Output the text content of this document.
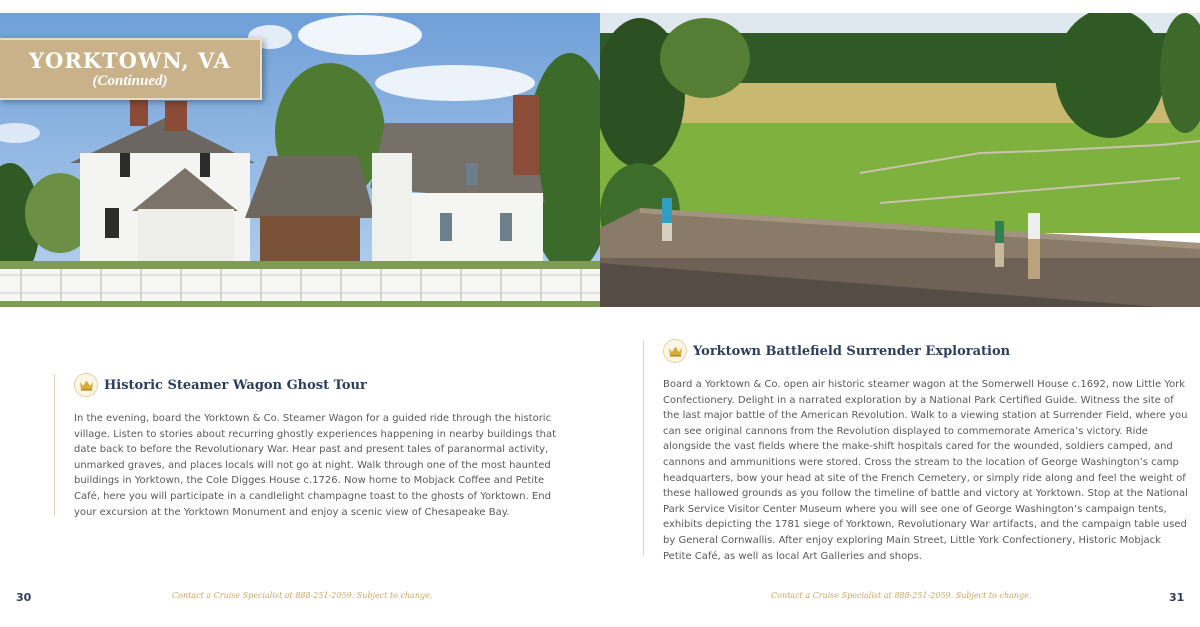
YORKTOWN, VA
(Continued)
Historic Steamer Wagon Ghost Tour

In the evening, board the Yorktown & Co. Steamer Wagon for a guided ride through the historic village. Listen to stories about recurring ghostly experiences happening in nearby buildings that date back to before the Revolutionary War. Hear past and present tales of paranormal activity, unmarked graves, and places locals will not go at night. Walk through one of the most haunted buildings in Yorktown, the Cole Digges House c.1726. Now home to Mobjack Coffee and Petite Café, here you will participate in a candlelight champagne toast to the ghosts of Yorktown. End your excursion at the Yorktown Monument and enjoy a scenic view of Chesapeake Bay.

Yorktown Battlefield Surrender Exploration

Board a Yorktown & Co. open air historic steamer wagon at the Somerwell House c.1692, now Little York Confectionery. Delight in a narrated exploration by a National Park Certified Guide. Witness the site of the last major battle of the American Revolution. Walk to a viewing station at Surrender Field, where you can see original cannons from the Revolution displayed to commemorate America’s victory. Ride alongside the vast fields where the make-shift hospitals cared for the wounded, soldiers camped, and cannons and ammunitions were stored. Cross the stream to the location of George Washington’s camp headquarters, bow your head at site of the French Cemetery, or simply ride along and feel the weight of these hallowed grounds as you follow the timeline of battle and victory at Yorktown. Stop at the National Park Service Visitor Center Museum where you will see one of George Washington’s campaign tents, exhibits depicting the 1781 siege of Yorktown, Revolutionary War artifacts, and the campaign table used by General Cornwallis. After enjoy exploring Main Street, Little York Confectionery, Historic Mobjack Petite Café, as well as local Art Galleries and shops.

30	Contact a Cruise Specialist at 888-251-2059. Subject to change.	Contact a Cruise Specialist at 888-251-2059. Subject to change.	31
